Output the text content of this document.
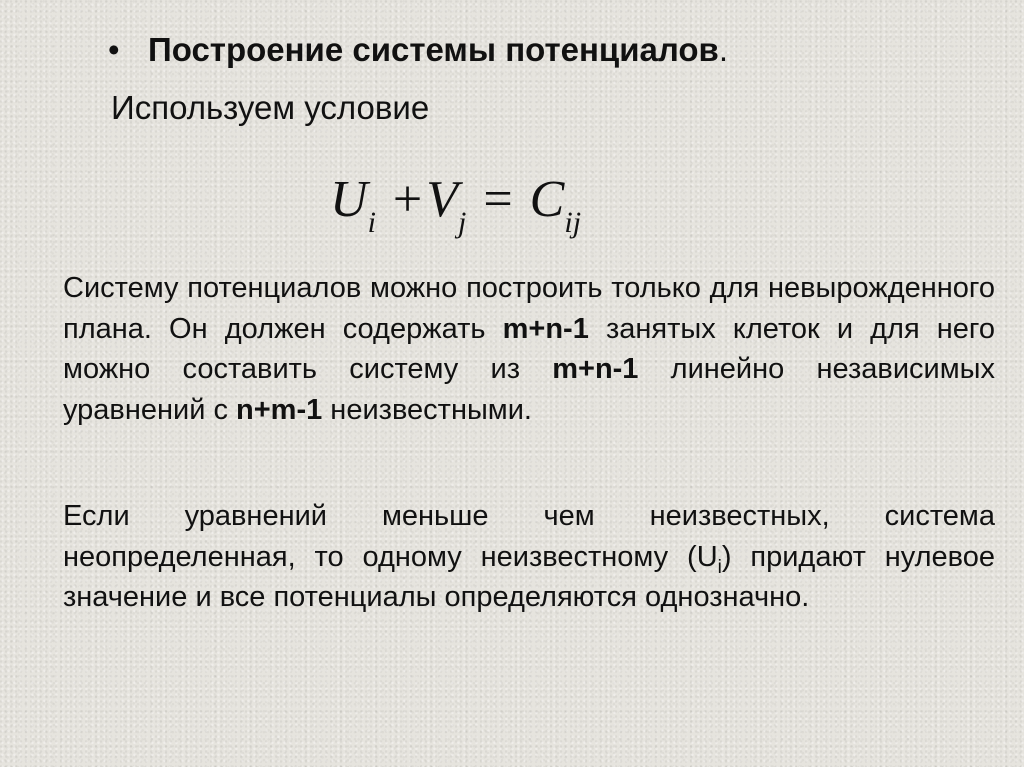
• Построение системы потенциалов.
Используем условие
$U_i +V_j = C_{ij}$
Систему потенциалов можно построить только для невырожденного плана. Он должен содержать m+n-1 занятых клеток и для него можно составить систему из m+n-1 линейно независимых уравнений с n+m-1 неизвестными.
Если уравнений меньше чем неизвестных, система неопределенная, то одному неизвестному $(U_i)$ придают нулевое значение и все потенциалы определяются однозначно.
